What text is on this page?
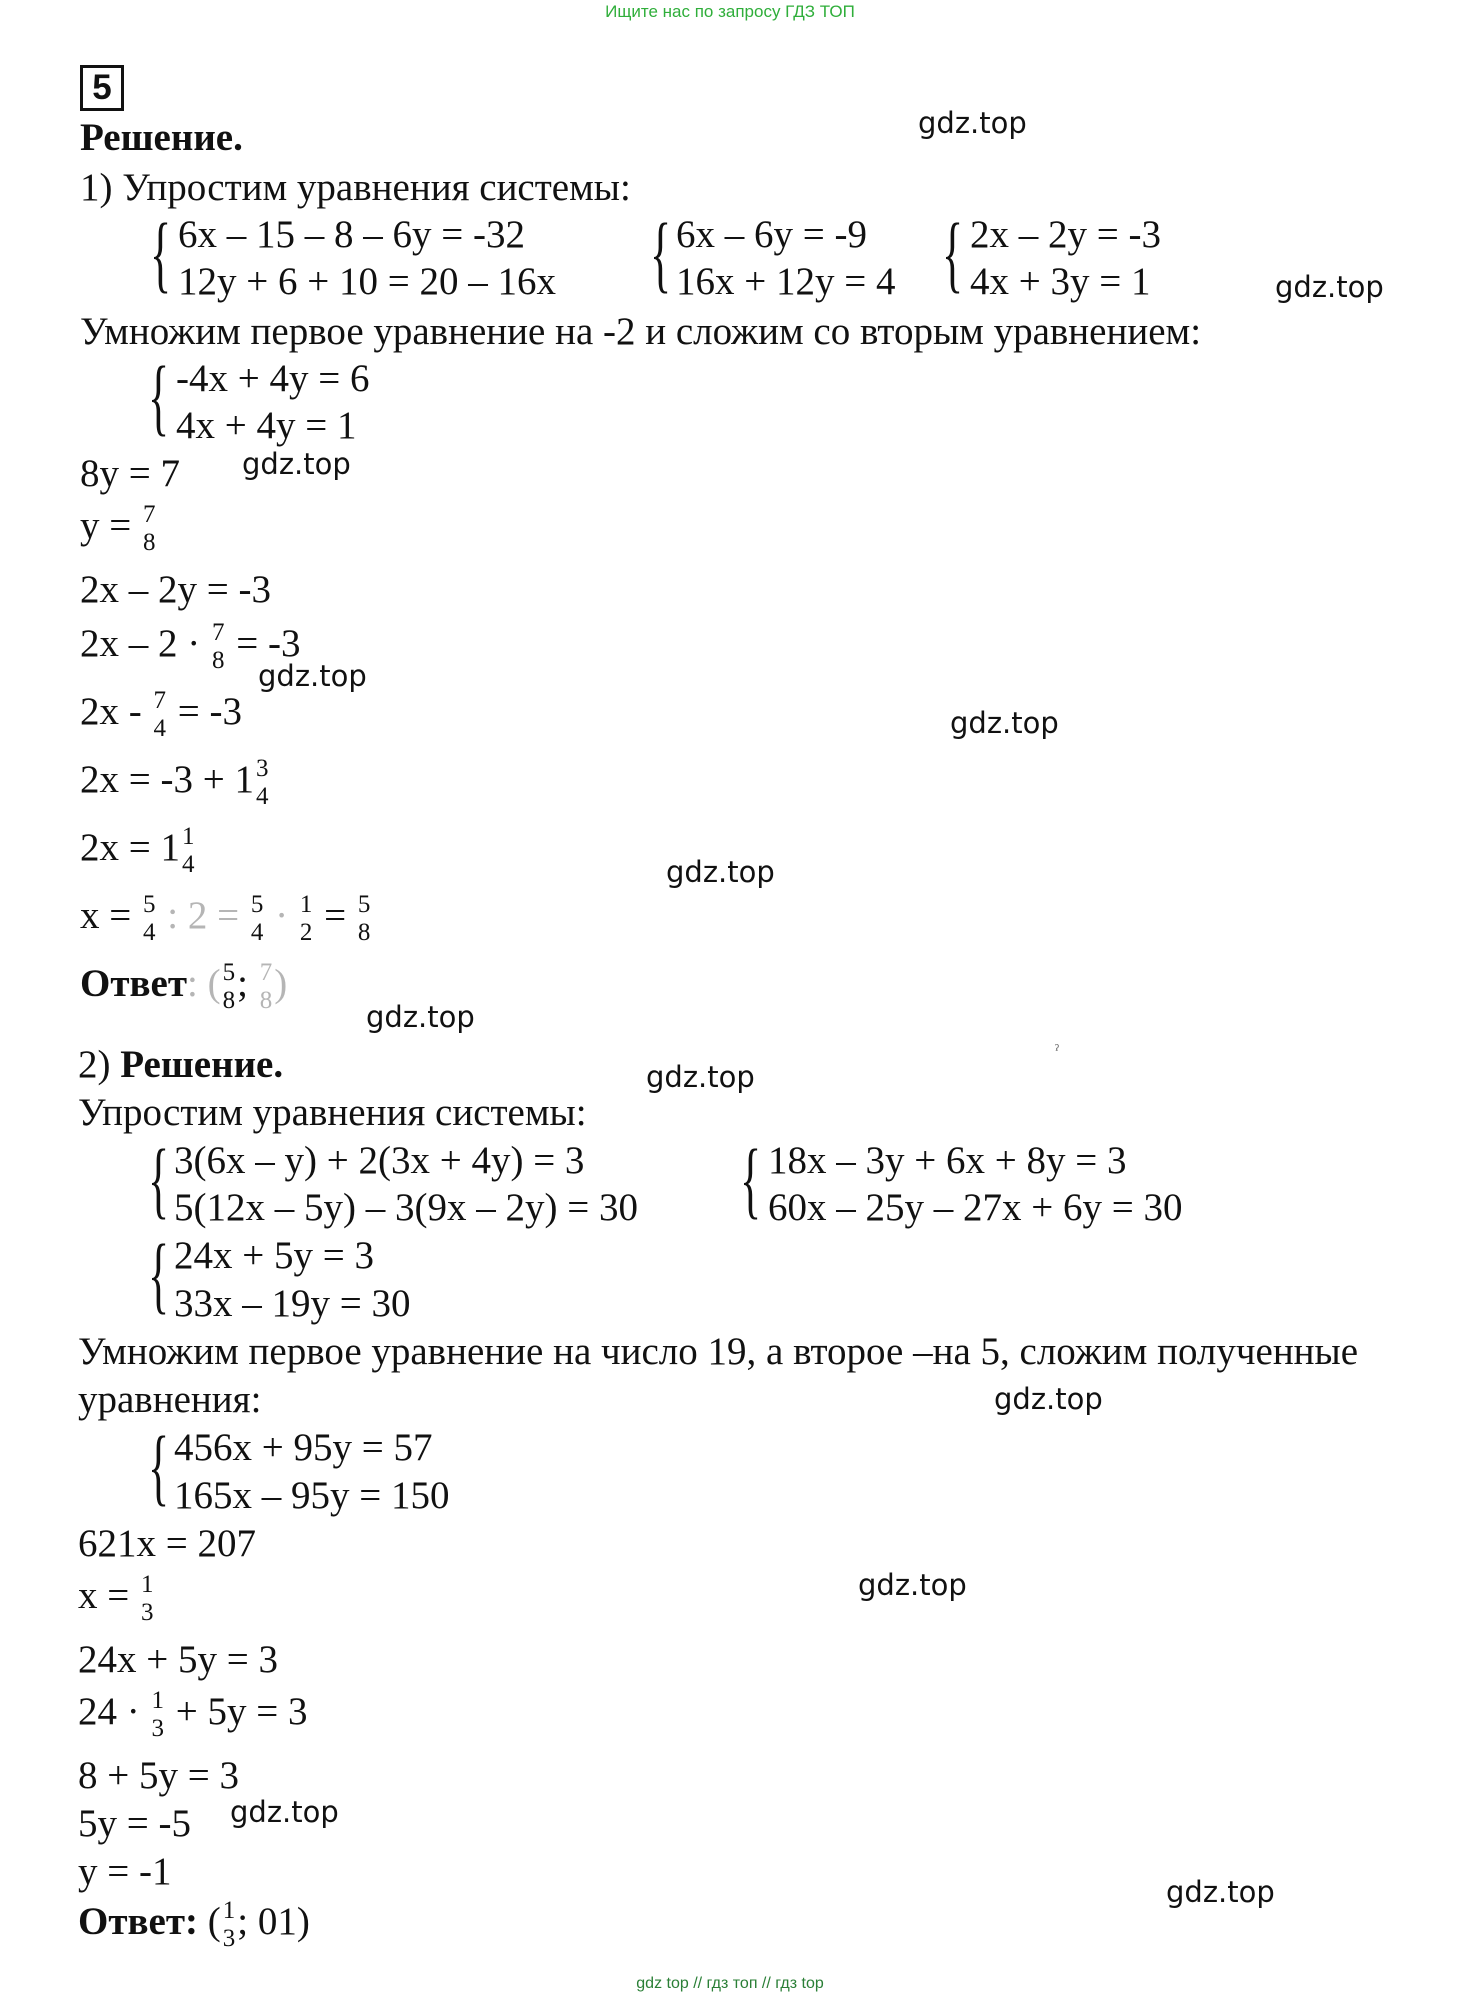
Ищите нас по запросу ГДЗ ТОП
5
Решение.
1) Упростим уравнения системы:
{ 6x – 15 – 8 – 6y = -32
12y + 6 + 10 = 20 – 16x { 6x – 6y = -9
16x + 12y = 4 { 2x – 2y = -3
4x + 3y = 1
Умножим первое уравнение на -2 и сложим со вторым уравнением:
{ -4x + 4y = 6
4x + 4y = 1
8y = 7
y = 7
8
2x – 2y = -3
2x – 2 · 7
8 = -3
2x - 7
4 = -3
2x = -3 + 1 3
4
2x = 1 1
4
x = 5
4 : 2 = 5
4 · 1
2 = 5
8
Ответ: ( 5
8 ; 7
8 )
ˀ
2) Решение.
Упростим уравнения системы:
{ 3(6x – y) + 2(3x + 4y) = 3
5(12x – 5y) – 3(9x – 2y) = 30 { 18x – 3y + 6x + 8y = 3
60x – 25y – 27x + 6y = 30
{ 24x + 5y = 3
33x – 19y = 30
Умножим первое уравнение на число 19, а второе –на 5, сложим полученные
уравнения:
{ 456x + 95y = 57
165x – 95y = 150
621x = 207
x = 1
3
24x + 5y = 3
24 · 1
3 + 5y = 3
8 + 5y = 3
5y = -5
y = -1
Ответ: ( 1
3 ; 01)
gdz.top
gdz.top
gdz.top
gdz.top
gdz.top
gdz.top
gdz.top
gdz.top
gdz.top
gdz.top
gdz.top
gdz.top
gdz top // гдз топ // гдз top
